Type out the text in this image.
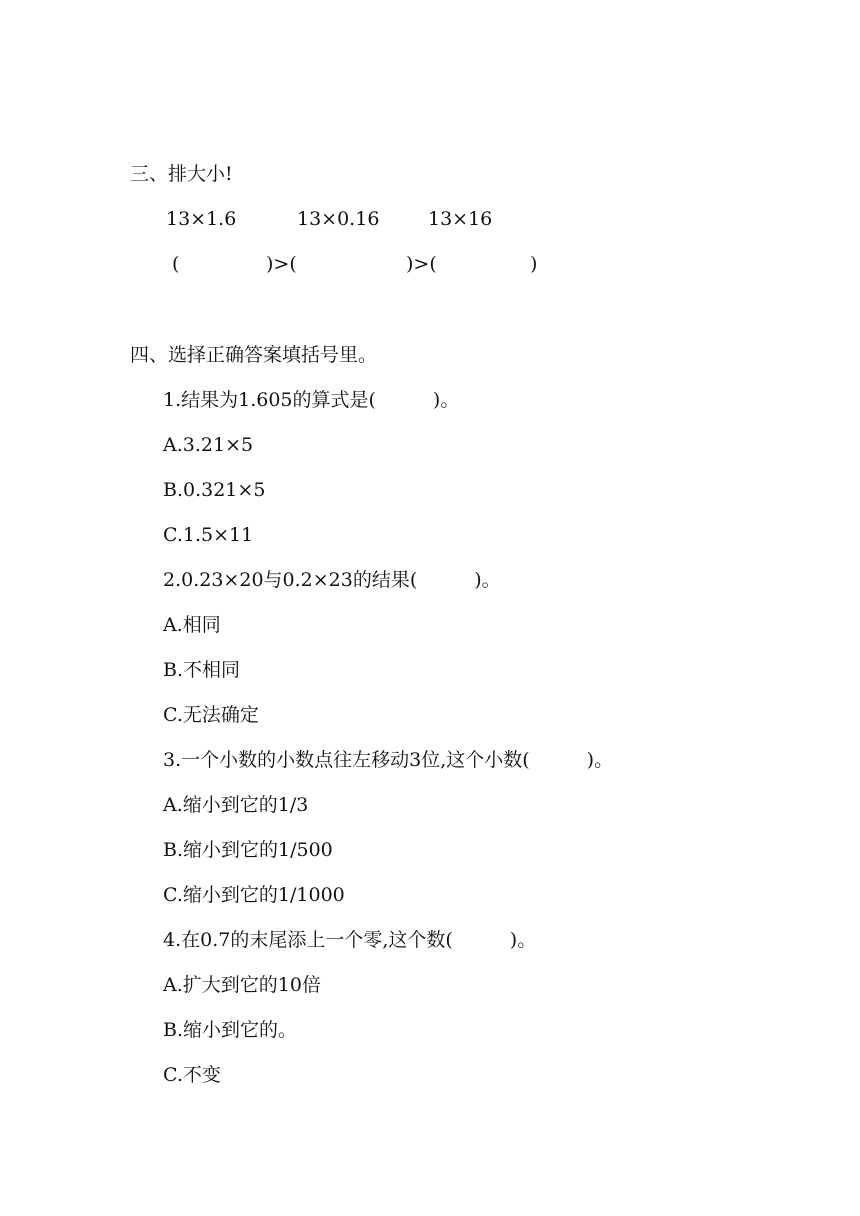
三、排大小!
13×1.6	13×0.16	13×16
(	)>(	)>(	)
四、选择正确答案填括号里。
1.结果为1.605的算式是(　　　)。
A.3.21×5
B.0.321×5
C.1.5×11
2.0.23×20与0.2×23的结果(　　　)。
A.相同
B.不相同
C.无法确定
3.一个小数的小数点往左移动3位,这个小数(　　　)。
A.缩小到它的1/3
B.缩小到它的1/500
C.缩小到它的1/1000
4.在0.7的末尾添上一个零,这个数(　　　)。
A.扩大到它的10倍
B.缩小到它的。
C.不变
